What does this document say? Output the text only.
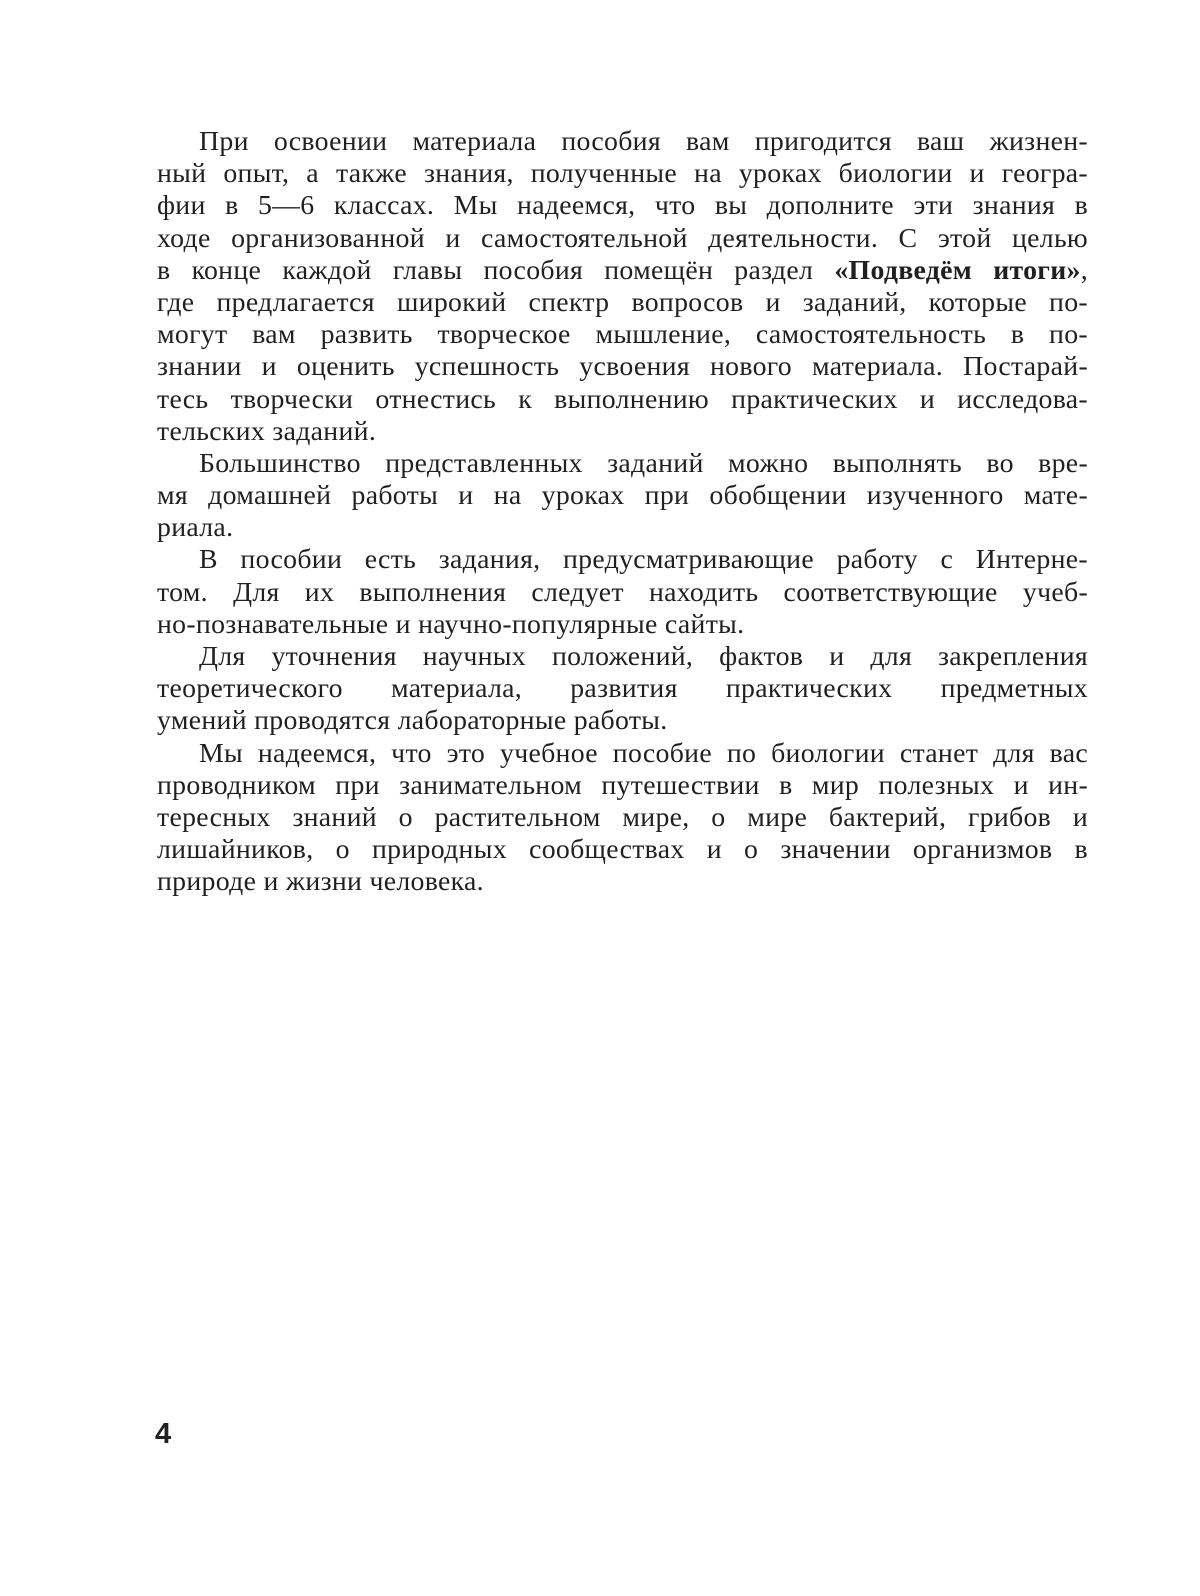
При освоении материала пособия вам пригодится ваш жизнен-
ный опыт, а также знания, полученные на уроках биологии и геогра-
фии в 5—6 классах. Мы надеемся, что вы дополните эти знания в
ходе организованной и самостоятельной деятельности. С этой целью
в конце каждой главы пособия помещён раздел «Подведём итоги»,
где предлагается широкий спектр вопросов и заданий, которые по-
могут вам развить творческое мышление, самостоятельность в по-
знании и оценить успешность усвоения нового материала. Постарай-
тесь творчески отнестись к выполнению практических и исследова-
тельских заданий.
Большинство представленных заданий можно выполнять во вре-
мя домашней работы и на уроках при обобщении изученного мате-
риала.
В пособии есть задания, предусматривающие работу с Интерне-
том. Для их выполнения следует находить соответствующие учеб-
но-познавательные и научно-популярные сайты.
Для уточнения научных положений, фактов и для закрепления
теоретического материала, развития практических предметных
умений проводятся лабораторные работы.
Мы надеемся, что это учебное пособие по биологии станет для вас
проводником при занимательном путешествии в мир полезных и ин-
тересных знаний о растительном мире, о мире бактерий, грибов и
лишайников, о природных сообществах и о значении организмов в
природе и жизни человека.
4
